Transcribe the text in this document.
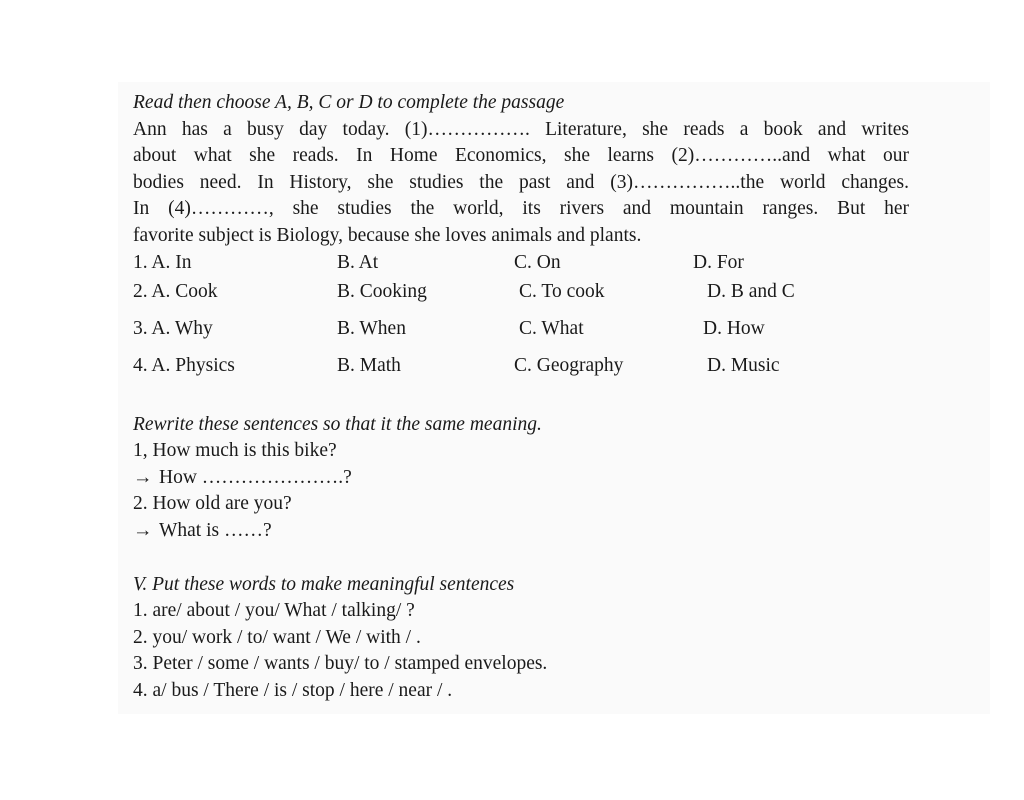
Read then choose A, B, C or D to complete the passage

Ann has a busy day today. (1)……………. Literature, she reads a book and writes

about what she reads. In Home Economics, she learns (2)…………..and what our

bodies need. In History, she studies the past and (3)……………..the world changes.

In (4)…………, she studies the world, its rivers and mountain ranges. But her

favorite subject is Biology, because she loves animals and plants.

1. A. In	B. At	C. On	D. For
2. A. Cook	B. Cooking	C. To cook	D. B and C
3. A. Why	B. When	C. What	D. How
4. A. Physics	B. Math	C. Geography	D. Music
Rewrite these sentences so that it the same meaning.
1, How much is this bike?
→ How ………………….?
2. How old are you?
→ What is ……?
V. Put these words to make meaningful sentences
1. are/ about / you/ What / talking/ ?
2. you/ work / to/ want / We / with / .
3. Peter / some / wants / buy/ to / stamped envelopes.
4. a/ bus / There / is / stop / here / near / .
